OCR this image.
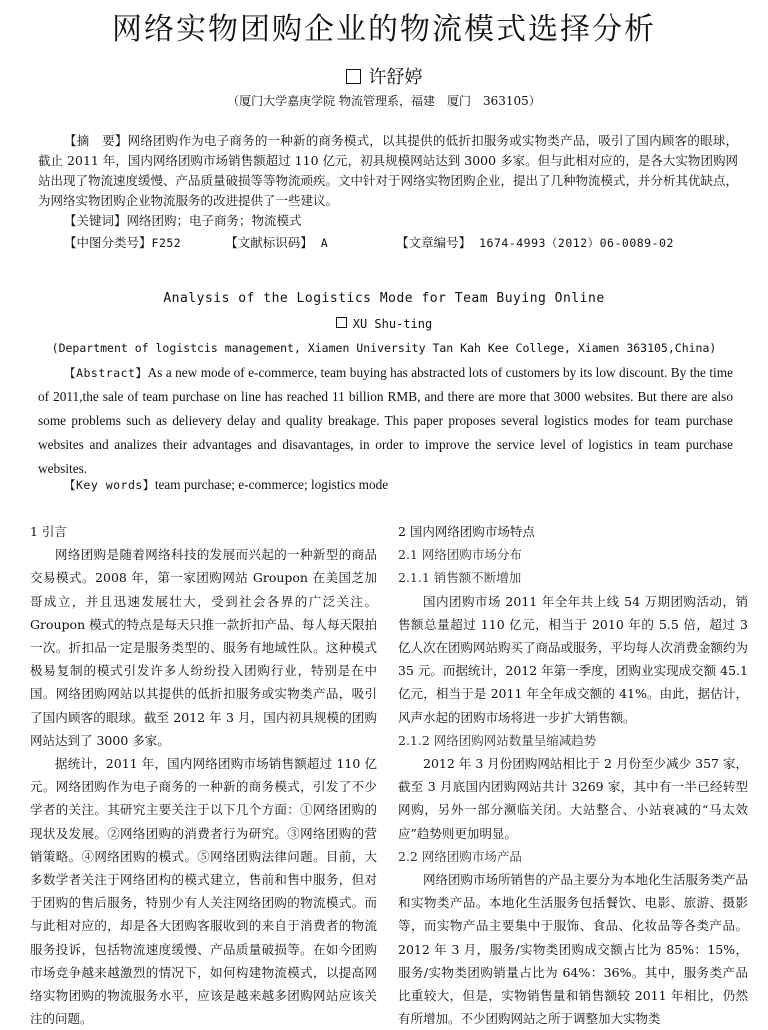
网络实物团购企业的物流模式选择分析
许舒婷
（厦门大学嘉庚学院 物流管理系，福建　厦门　363105）
【摘　要】网络团购作为电子商务的一种新的商务模式，以其提供的低折扣服务或实物类产品，吸引了国内顾客的眼球，截止 2011 年，国内网络团购市场销售额超过 110 亿元，初具规模网站达到 3000 多家。但与此相对应的，是各大实物团购网站出现了物流速度缓慢、产品质量破损等等物流顽疾。文中针对于网络实物团购企业，提出了几种物流模式，并分析其优缺点，为网络实物团购企业物流服务的改进提供了一些建议。
【关键词】网络团购；电子商务；物流模式
【中图分类号】F252	【文献标识码】 A	【文章编号】 1674-4993（2012）06-0089-02
Analysis of the Logistics Mode for Team Buying Online
XU Shu-ting
(Department of logistcis management, Xiamen University Tan Kah Kee College, Xiamen 363105,China)
【Abstract】As a new mode of e-commerce, team buying has abstracted lots of customers by its low discount. By the time of 2011,the sale of team purchase on line has reached 11 billion RMB, and there are more that 3000 websites. But there are also some problems such as delievery delay and quality breakage. This paper proposes several logistics modes for team purchase websites and analizes their advantages and disavantages, in order to improve the service level of logistics in team purchase websites.
【Key words】team purchase; e-commerce; logistics mode

1 引言

网络团购是随着网络科技的发展而兴起的一种新型的商品交易模式。2008 年，第一家团购网站 Groupon 在美国芝加哥成立，并且迅速发展壮大，受到社会各界的广泛关注。Groupon 模式的特点是每天只推一款折扣产品、每人每天限拍一次。折扣品一定是服务类型的、服务有地域性队。这种模式极易复制的模式引发许多人纷纷投入团购行业，特别是在中国。网络团购网站以其提供的低折扣服务或实物类产品，吸引了国内顾客的眼球。截至 2012 年 3 月，国内初具规模的团购网站达到了 3000 多家。

据统计，2011 年，国内网络团购市场销售额超过 110 亿元。网络团购作为电子商务的一种新的商务模式，引发了不少学者的关注。其研究主要关注于以下几个方面：①网络团购的现状及发展。②网络团购的消费者行为研究。③网络团购的营销策略。④网络团购的模式。⑤网络团购法律问题。目前，大多数学者关注于网络团构的模式建立，售前和售中服务，但对于团购的售后服务，特别少有人关注网络团购的物流模式。而与此相对应的，却是各大团购客服收到的来自于消费者的物流服务投诉，包括物流速度缓慢、产品质量破损等。在如今团购市场竞争越来越激烈的情况下，如何构建物流模式，以提高网络实物团购的物流服务水平，应该是越来越多团购网站应该关注的问题。

2 国内网络团购市场特点

2.1 网络团购市场分布

2.1.1 销售额不断增加

国内团购市场 2011 年全年共上线 54 万期团购活动，销售额总量超过 110 亿元，相当于 2010 年的 5.5 倍，超过 3 亿人次在团购网站购买了商品或服务，平均每人次消费金额约为 35 元。而据统计，2012 年第一季度，团购业实现成交额 45.1 亿元，相当于是 2011 年全年成交额的 41%。由此，据估计，风声水起的团购市场将进一步扩大销售额。

2.1.2 网络团购网站数量呈缩减趋势

2012 年 3 月份团购网站相比于 2 月份至少减少 357 家，截至 3 月底国内团购网站共计 3269 家，其中有一半已经转型网购，另外一部分濒临关闭。大站整合、小站衰减的“马太效应”趋势则更加明显。

2.2 网络团购市场产品

网络团购市场所销售的产品主要分为本地化生活服务类产品和实物类产品。本地化生活服务包括餐饮、电影、旅游、摄影等，而实物产品主要集中于服饰、食品、化妆品等各类产品。2012 年 3 月，服务/实物类团购成交额占比为 85%：15%，服务/实物类团购销量占比为 64%：36%。其中，服务类产品比重较大，但是，实物销售量和销售额较 2011 年相比，仍然有所增加。不少团购网站之所于调整加大实物类
